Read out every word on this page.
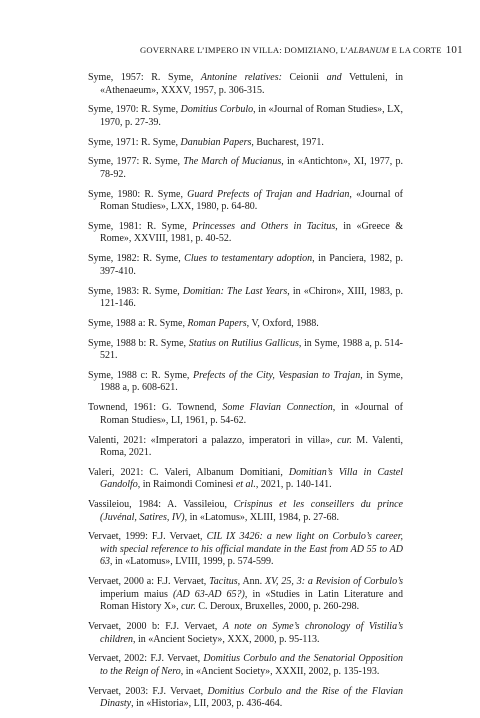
GOVERNARE L’IMPERO IN VILLA: DOMIZIANO, L’ALBANUM E LA CORTE 101

Syme, 1957: R. Syme, Antonine relatives: Ceionii and Vettuleni, in «Athenaeum», XXXV, 1957, p. 306-315.

Syme, 1970: R. Syme, Domitius Corbulo, in «Journal of Roman Studies», LX, 1970, p. 27-39.

Syme, 1971: R. Syme, Danubian Papers, Bucharest, 1971.

Syme, 1977: R. Syme, The March of Mucianus, in «Antichton», XI, 1977, p. 78-92.

Syme, 1980: R. Syme, Guard Prefects of Trajan and Hadrian, «Journal of Roman Studies», LXX, 1980, p. 64-80.

Syme, 1981: R. Syme, Princesses and Others in Tacitus, in «Greece & Rome», XXVIII, 1981, p. 40-52.

Syme, 1982: R. Syme, Clues to testamentary adoption, in Panciera, 1982, p. 397-410.

Syme, 1983: R. Syme, Domitian: The Last Years, in «Chiron», XIII, 1983, p. 121-146.

Syme, 1988 a: R. Syme, Roman Papers, V, Oxford, 1988.

Syme, 1988 b: R. Syme, Statius on Rutilius Gallicus, in Syme, 1988 a, p. 514-521.

Syme, 1988 c: R. Syme, Prefects of the City, Vespasian to Trajan, in Syme, 1988 a, p. 608-621.

Townend, 1961: G. Townend, Some Flavian Connection, in «Journal of Roman Studies», LI, 1961, p. 54-62.

Valenti, 2021: «Imperatori a palazzo, imperatori in villa», cur. M. Valenti, Roma, 2021.

Valeri, 2021: C. Valeri, Albanum Domitiani, Domitian’s Villa in Castel Gandolfo, in Raimondi Cominesi et al., 2021, p. 140-141.

Vassileiou, 1984: A. Vassileiou, Crispinus et les conseillers du prince (Juvénal, Satires, IV), in «Latomus», XLIII, 1984, p. 27-68.

Vervaet, 1999: F.J. Vervaet, CIL IX 3426: a new light on Corbulo’s career, with special reference to his official mandate in the East from AD 55 to AD 63, in «Latomus», LVIII, 1999, p. 574-599.

Vervaet, 2000 a: F.J. Vervaet, Tacitus, Ann. XV, 25, 3: a Revision of Corbulo’s imperium maius (AD 63-AD 65?), in «Studies in Latin Literature and Roman History X», cur. C. Deroux, Bruxelles, 2000, p. 260-298.

Vervaet, 2000 b: F.J. Vervaet, A note on Syme’s chronology of Vistilia’s children, in «Ancient Society», XXX, 2000, p. 95-113.

Vervaet, 2002: F.J. Vervaet, Domitius Corbulo and the Senatorial Opposition to the Reign of Nero, in «Ancient Society», XXXII, 2002, p. 135-193.

Vervaet, 2003: F.J. Vervaet, Domitius Corbulo and the Rise of the Flavian Dinasty, in «Historia», LII, 2003, p. 436-464.
